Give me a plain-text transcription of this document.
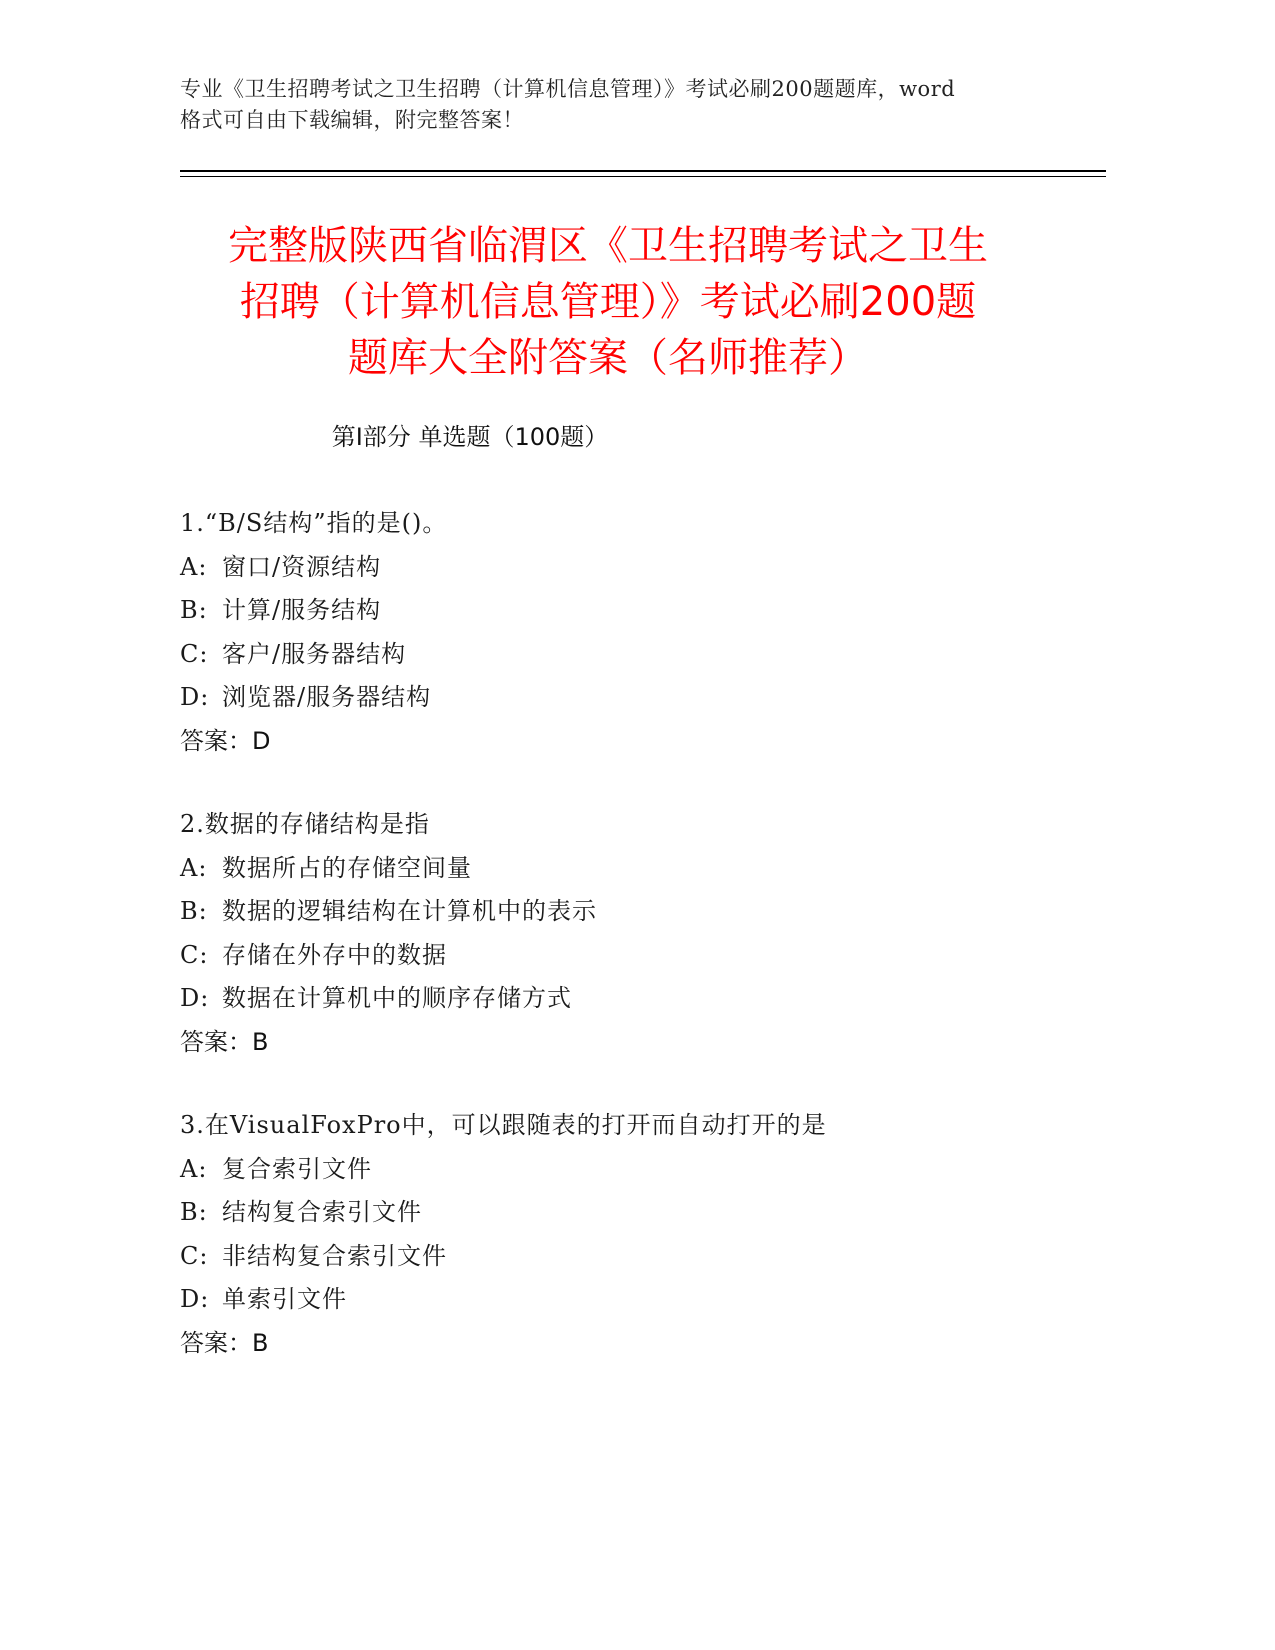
专业《卫生招聘考试之卫生招聘（计算机信息管理）》考试必刷200题题库，word
格式可自由下载编辑，附完整答案！
完整版陕西省临渭区《卫生招聘考试之卫生
招聘（计算机信息管理）》考试必刷200题
题库大全附答案（名师推荐）
第Ⅰ部分 单选题（100题）
1.“B/S结构”指的是()。
A: 窗口/资源结构
B: 计算/服务结构
C: 客户/服务器结构
D: 浏览器/服务器结构
答案：D
2.数据的存储结构是指
A: 数据所占的存储空间量
B: 数据的逻辑结构在计算机中的表示
C: 存储在外存中的数据
D: 数据在计算机中的顺序存储方式
答案：B
3.在VisualFoxPro中，可以跟随表的打开而自动打开的是
A: 复合索引文件
B: 结构复合索引文件
C: 非结构复合索引文件
D: 单索引文件
答案：B
